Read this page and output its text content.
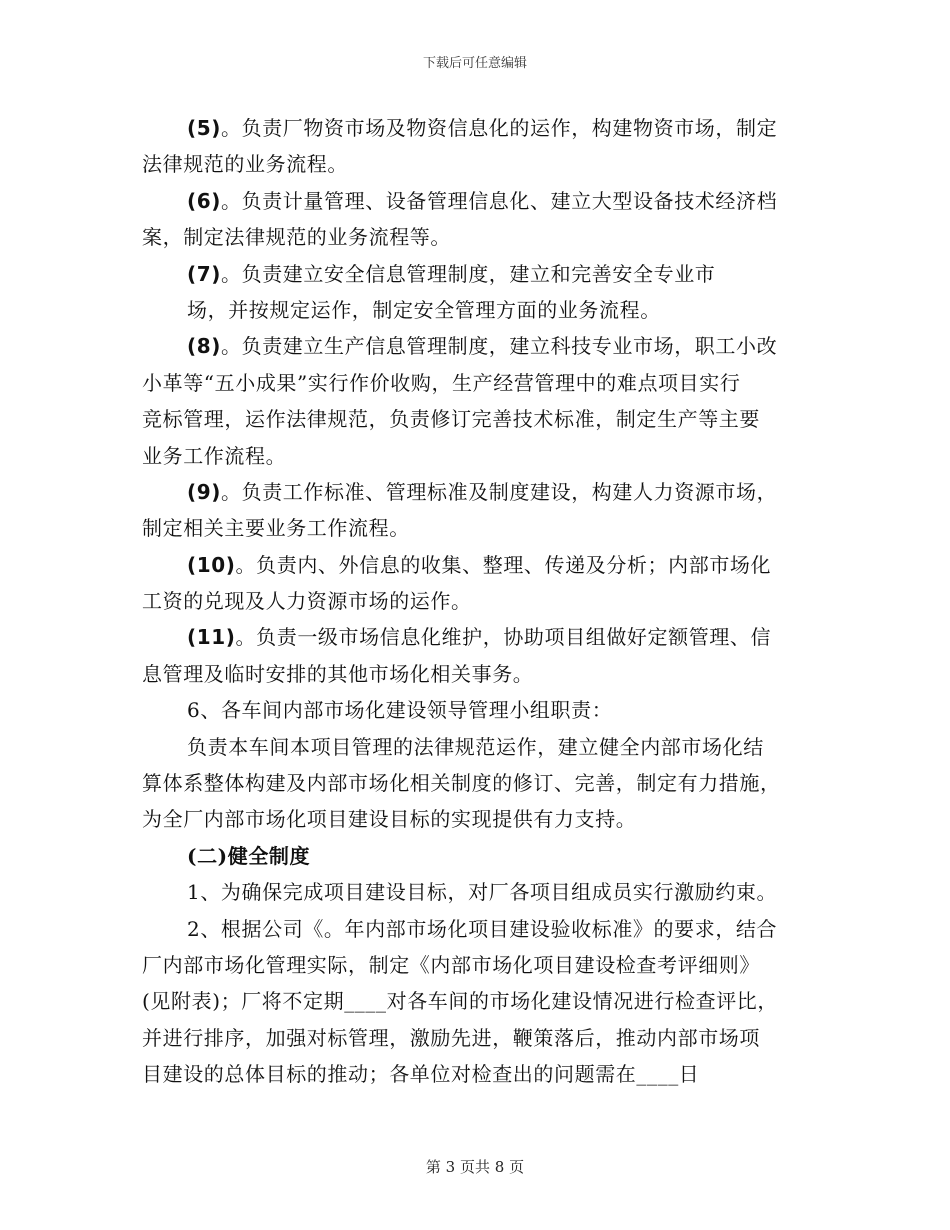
下载后可任意编辑
(5)。负责厂物资市场及物资信息化的运作，构建物资市场，制定
法律规范的业务流程。
(6)。负责计量管理、设备管理信息化、建立大型设备技术经济档
案，制定法律规范的业务流程等。
(7)。负责建立安全信息管理制度，建立和完善安全专业市
场，并按规定运作，制定安全管理方面的业务流程。
(8)。负责建立生产信息管理制度，建立科技专业市场，职工小改
小革等“五小成果”实行作价收购，生产经营管理中的难点项目实行
竞标管理，运作法律规范，负责修订完善技术标准，制定生产等主要
业务工作流程。
(9)。负责工作标准、管理标准及制度建设，构建人力资源市场，
制定相关主要业务工作流程。
(10)。负责内、外信息的收集、整理、传递及分析；内部市场化
工资的兑现及人力资源市场的运作。
(11)。负责一级市场信息化维护，协助项目组做好定额管理、信
息管理及临时安排的其他市场化相关事务。
6、各车间内部市场化建设领导管理小组职责：
负责本车间本项目管理的法律规范运作，建立健全内部市场化结
算体系整体构建及内部市场化相关制度的修订、完善，制定有力措施，
为全厂内部市场化项目建设目标的实现提供有力支持。
(二)健全制度
1、为确保完成项目建设目标，对厂各项目组成员实行激励约束。
2、根据公司《。年内部市场化项目建设验收标准》的要求，结合
厂内部市场化管理实际，制定《内部市场化项目建设检查考评细则》
(见附表)；厂将不定期____对各车间的市场化建设情况进行检查评比，
并进行排序，加强对标管理，激励先进，鞭策落后，推动内部市场项
目建设的总体目标的推动；各单位对检查出的问题需在____日
第 3 页共 8 页
